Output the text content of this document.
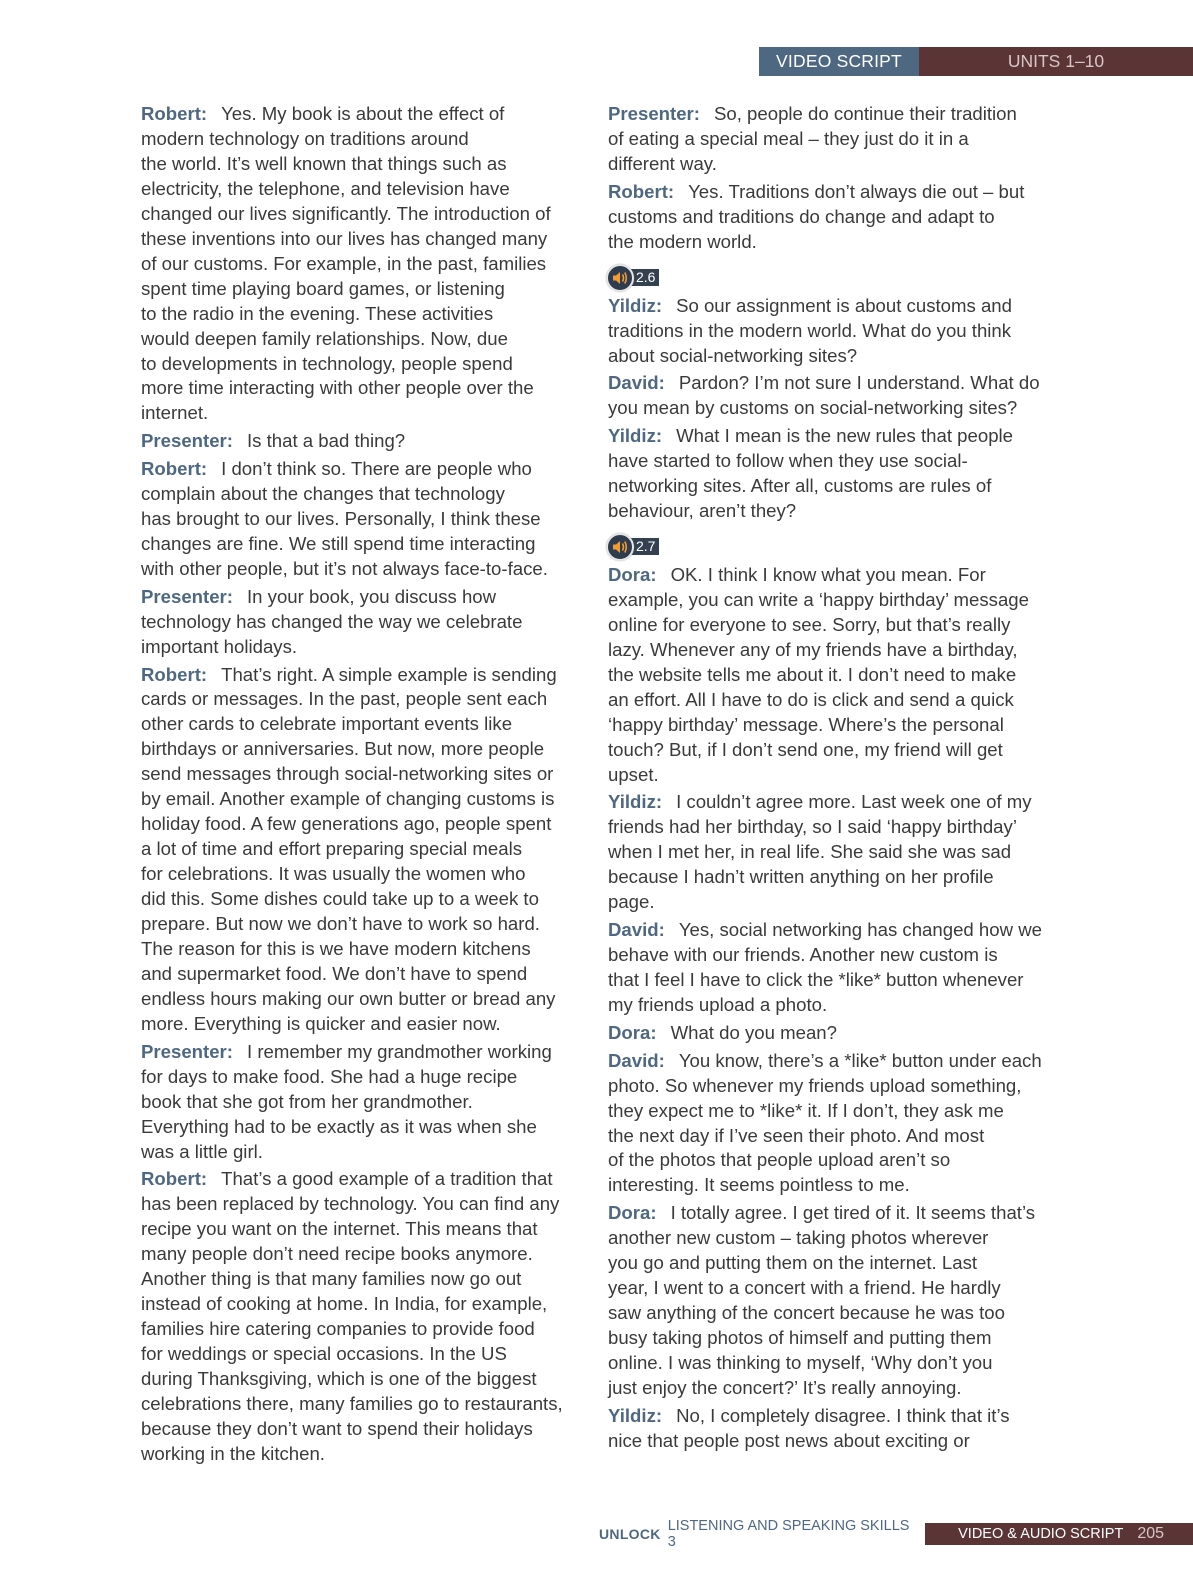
VIDEO SCRIPT	UNITS 1–10
Robert: Yes. My book is about the effect of

modern technology on traditions around
the world. It’s well known that things such as
electricity, the telephone, and television have
changed our lives significantly. The introduction of
these inventions into our lives has changed many
of our customs. For example, in the past, families
spent time playing board games, or listening
to the radio in the evening. These activities
would deepen family relationships. Now, due
to developments in technology, people spend
more time interacting with other people over the
internet.
Presenter: Is that a bad thing?
Robert: I don’t think so. There are people who

complain about the changes that technology
has brought to our lives. Personally, I think these
changes are fine. We still spend time interacting
with other people, but it’s not always face-to-face.
Presenter: In your book, you discuss how

technology has changed the way we celebrate
important holidays.
Robert: That’s right. A simple example is sending

cards or messages. In the past, people sent each
other cards to celebrate important events like
birthdays or anniversaries. But now, more people
send messages through social-networking sites or
by email. Another example of changing customs is
holiday food. A few generations ago, people spent
a lot of time and effort preparing special meals
for celebrations. It was usually the women who
did this. Some dishes could take up to a week to
prepare. But now we don’t have to work so hard.
The reason for this is we have modern kitchens
and supermarket food. We don’t have to spend
endless hours making our own butter or bread any
more. Everything is quicker and easier now.
Presenter: I remember my grandmother working

for days to make food. She had a huge recipe
book that she got from her grandmother.
Everything had to be exactly as it was when she
was a little girl.
Robert: That’s a good example of a tradition that

has been replaced by technology. You can find any
recipe you want on the internet. This means that
many people don’t need recipe books anymore.
Another thing is that many families now go out
instead of cooking at home. In India, for example,
families hire catering companies to provide food
for weddings or special occasions. In the US
during Thanksgiving, which is one of the biggest
celebrations there, many families go to restaurants,
because they don’t want to spend their holidays
working in the kitchen.
Presenter: So, people do continue their tradition

of eating a special meal – they just do it in a
different way.
Robert: Yes. Traditions don’t always die out – but

customs and traditions do change and adapt to
the modern world.
2.6
Yildiz: So our assignment is about customs and

traditions in the modern world. What do you think
about social-networking sites?
David: Pardon? I’m not sure I understand. What do

you mean by customs on social-networking sites?
Yildiz: What I mean is the new rules that people

have started to follow when they use social-
networking sites. After all, customs are rules of
behaviour, aren’t they?
2.7
Dora: OK. I think I know what you mean. For

example, you can write a ‘happy birthday’ message
online for everyone to see. Sorry, but that’s really
lazy. Whenever any of my friends have a birthday,
the website tells me about it. I don’t need to make
an effort. All I have to do is click and send a quick
‘happy birthday’ message. Where’s the personal
touch? But, if I don’t send one, my friend will get
upset.
Yildiz: I couldn’t agree more. Last week one of my

friends had her birthday, so I said ‘happy birthday’
when I met her, in real life. She said she was sad
because I hadn’t written anything on her profile
page.
David: Yes, social networking has changed how we

behave with our friends. Another new custom is
that I feel I have to click the *like* button whenever
my friends upload a photo.
Dora: What do you mean?
David: You know, there’s a *like* button under each

photo. So whenever my friends upload something,
they expect me to *like* it. If I don’t, they ask me
the next day if I’ve seen their photo. And most
of the photos that people upload aren’t so
interesting. It seems pointless to me.
Dora: I totally agree. I get tired of it. It seems that’s

another new custom – taking photos wherever
you go and putting them on the internet. Last
year, I went to a concert with a friend. He hardly
saw anything of the concert because he was too
busy taking photos of himself and putting them
online. I was thinking to myself, ‘Why don’t you
just enjoy the concert?’ It’s really annoying.
Yildiz: No, I completely disagree. I think that it’s

nice that people post news about exciting or
UNLOCK LISTENING AND SPEAKING SKILLS 3	VIDEO & AUDIO SCRIPT 205
